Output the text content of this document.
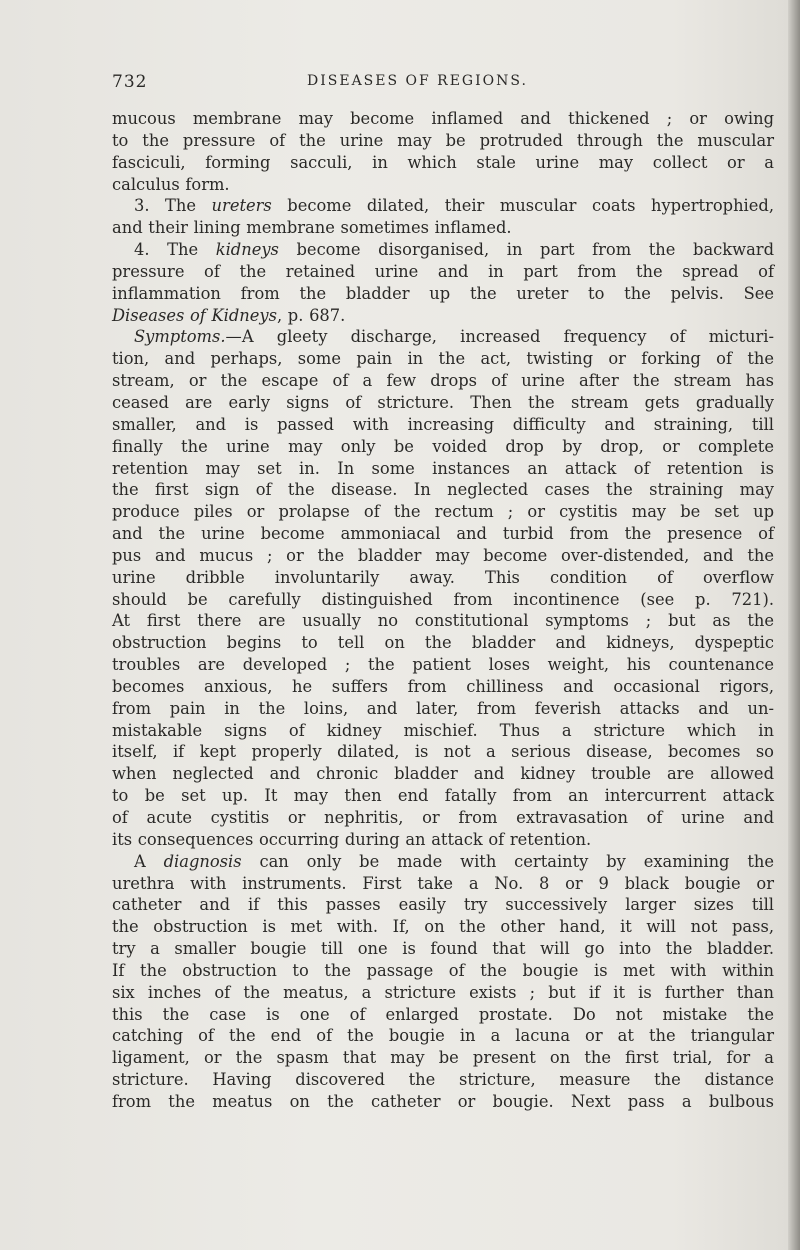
732	DISEASES OF REGIONS.
mucous membrane may become inflamed and thickened ; or owing
to the pressure of the urine may be protruded through the muscular
fasciculi, forming sacculi, in which stale urine may collect or a
calculus form.
3. The ureters become dilated, their muscular coats hypertrophied,
and their lining membrane sometimes inflamed.
4. The kidneys become disorganised, in part from the backward
pressure of the retained urine and in part from the spread of
inflammation from the bladder up the ureter to the pelvis. See
Diseases of Kidneys, p. 687.
Symptoms.—A gleety discharge, increased frequency of micturi-
tion, and perhaps, some pain in the act, twisting or forking of the
stream, or the escape of a few drops of urine after the stream has
ceased are early signs of stricture. Then the stream gets gradually
smaller, and is passed with increasing difficulty and straining, till
finally the urine may only be voided drop by drop, or complete
retention may set in. In some instances an attack of retention is
the first sign of the disease. In neglected cases the straining may
produce piles or prolapse of the rectum ; or cystitis may be set up
and the urine become ammoniacal and turbid from the presence of
pus and mucus ; or the bladder may become over-distended, and the
urine dribble involuntarily away. This condition of overflow
should be carefully distinguished from incontinence (see p. 721).
At first there are usually no constitutional symptoms ; but as the
obstruction begins to tell on the bladder and kidneys, dyspeptic
troubles are developed ; the patient loses weight, his countenance
becomes anxious, he suffers from chilliness and occasional rigors,
from pain in the loins, and later, from feverish attacks and un-
mistakable signs of kidney mischief. Thus a stricture which in
itself, if kept properly dilated, is not a serious disease, becomes so
when neglected and chronic bladder and kidney trouble are allowed
to be set up. It may then end fatally from an intercurrent attack
of acute cystitis or nephritis, or from extravasation of urine and
its consequences occurring during an attack of retention.
A diagnosis can only be made with certainty by examining the
urethra with instruments. First take a No. 8 or 9 black bougie or
catheter and if this passes easily try successively larger sizes till
the obstruction is met with. If, on the other hand, it will not pass,
try a smaller bougie till one is found that will go into the bladder.
If the obstruction to the passage of the bougie is met with within
six inches of the meatus, a stricture exists ; but if it is further than
this the case is one of enlarged prostate. Do not mistake the
catching of the end of the bougie in a lacuna or at the triangular
ligament, or the spasm that may be present on the first trial, for a
stricture. Having discovered the stricture, measure the distance
from the meatus on the catheter or bougie. Next pass a bulbous
